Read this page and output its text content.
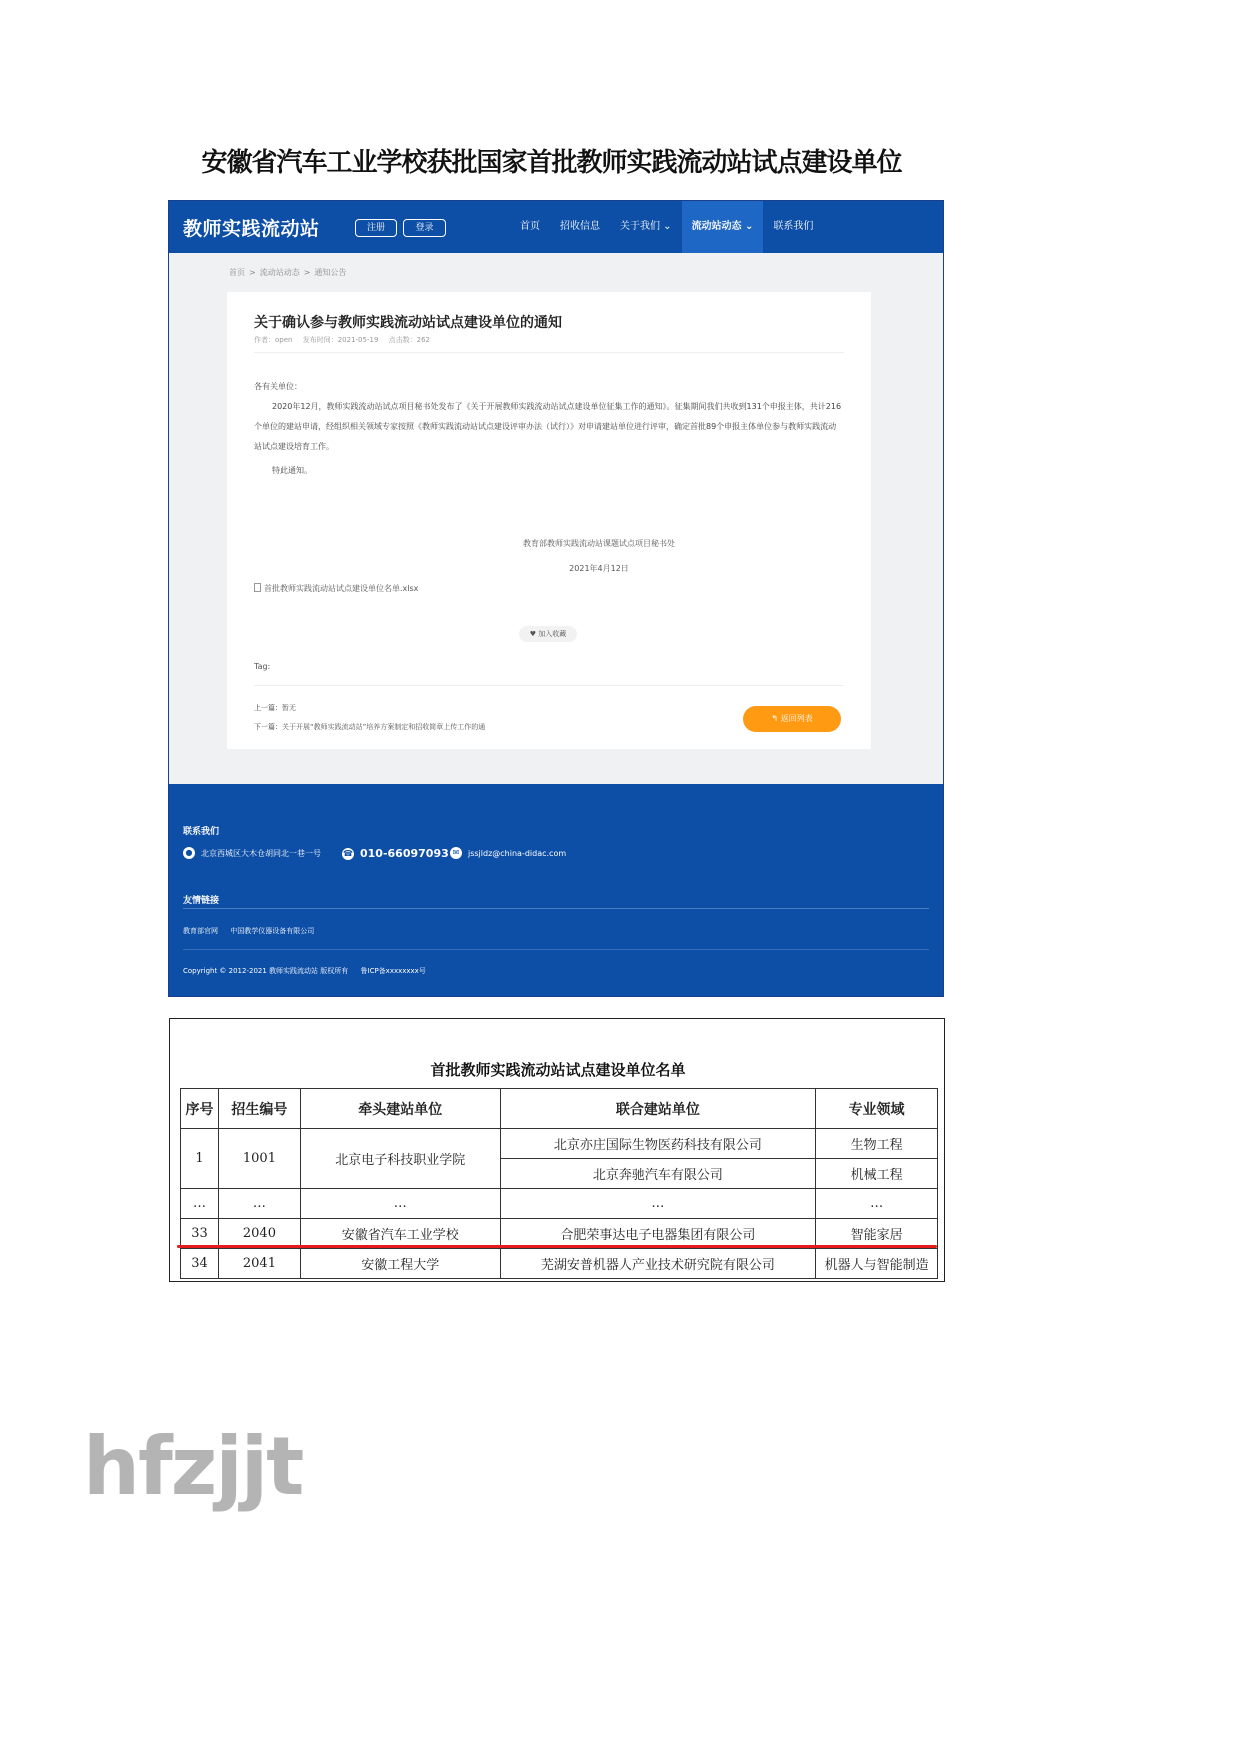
安徽省汽车工业学校获批国家首批教师实践流动站试点建设单位
教师实践流动站	注册	登录	首页	招收信息	关于我们 ⌄	流动站动态 ⌄	联系我们
首页 > 流动站动态 > 通知公告
关于确认参与教师实践流动站试点建设单位的通知
作者：open 发布时间：2021-05-19 点击数：262

各有关单位：

2020年12月，教师实践流动站试点项目秘书处发布了《关于开展教师实践流动站试点建设单位征集工作的通知》。征集期间我们共收到131个申报主体，共计216个单位的建站申请，经组织相关领域专家按照《教师实践流动站试点建设评审办法（试行）》对申请建站单位进行评审，确定首批89个申报主体单位参与教师实践流动站试点建设培育工作。

特此通知。

教育部教师实践流动站课题试点项目秘书处
2021年4月12日
首批教师实践流动站试点建设单位名单.xlsx
♥ 加入收藏
Tag:
上一篇：暂无
下一篇：关于开展“教师实践流动站”培养方案制定和招收简章上传工作的通
↰ 返回列表
联系我们
●	北京西城区大木仓胡同北一巷一号	☎ 010-66097093 ✉	jssjldz@china-didac.com
友情链接
教育部官网 中国教学仪器设备有限公司
Copyright © 2012-2021 教师实践流动站 版权所有 鲁ICP备xxxxxxxx号
首批教师实践流动站试点建设单位名单
序号	招生编号	牵头建站单位	联合建站单位	专业领域
1	1001	北京电子科技职业学院	北京亦庄国际生物医药科技有限公司	生物工程
			北京奔驰汽车有限公司	机械工程
…	…	…	…	…
33	2040	安徽省汽车工业学校	合肥荣事达电子电器集团有限公司	智能家居
34	2041	安徽工程大学	芜湖安普机器人产业技术研究院有限公司	机器人与智能制造
hfzjjt
